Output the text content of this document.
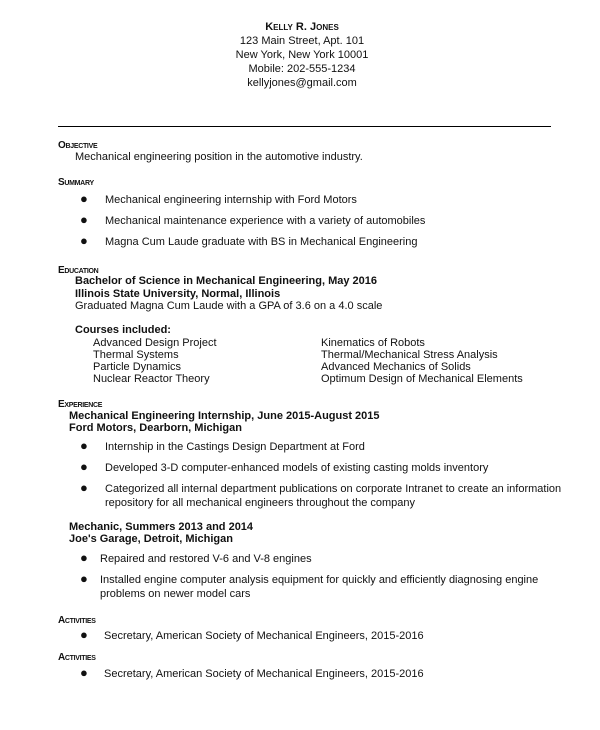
Kelly R. Jones
123 Main Street, Apt. 101
New York, New York 10001
Mobile: 202-555-1234
kellyjones@gmail.com
Objective
Mechanical engineering position in the automotive industry.
Summary
● Mechanical engineering internship with Ford Motors
● Mechanical maintenance experience with a variety of automobiles
● Magna Cum Laude graduate with BS in Mechanical Engineering
Education
Bachelor of Science in Mechanical Engineering, May 2016
Illinois State University, Normal, Illinois
Graduated Magna Cum Laude with a GPA of 3.6 on a 4.0 scale
Courses included:
Advanced Design Project
Thermal Systems
Particle Dynamics
Nuclear Reactor Theory
Kinematics of Robots
Thermal/Mechanical Stress Analysis
Advanced Mechanics of Solids
Optimum Design of Mechanical Elements
Experience
Mechanical Engineering Internship, June 2015-August 2015
Ford Motors, Dearborn, Michigan
● Internship in the Castings Design Department at Ford
● Developed 3-D computer-enhanced models of existing casting molds inventory
● Categorized all internal department publications on corporate Intranet to create an information
repository for all mechanical engineers throughout the company
Mechanic, Summers 2013 and 2014
Joe's Garage, Detroit, Michigan
● Repaired and restored V-6 and V-8 engines
● Installed engine computer analysis equipment for quickly and efficiently diagnosing engine
problems on newer model cars
Activities
● Secretary, American Society of Mechanical Engineers, 2015-2016
Activities
● Secretary, American Society of Mechanical Engineers, 2015-2016
